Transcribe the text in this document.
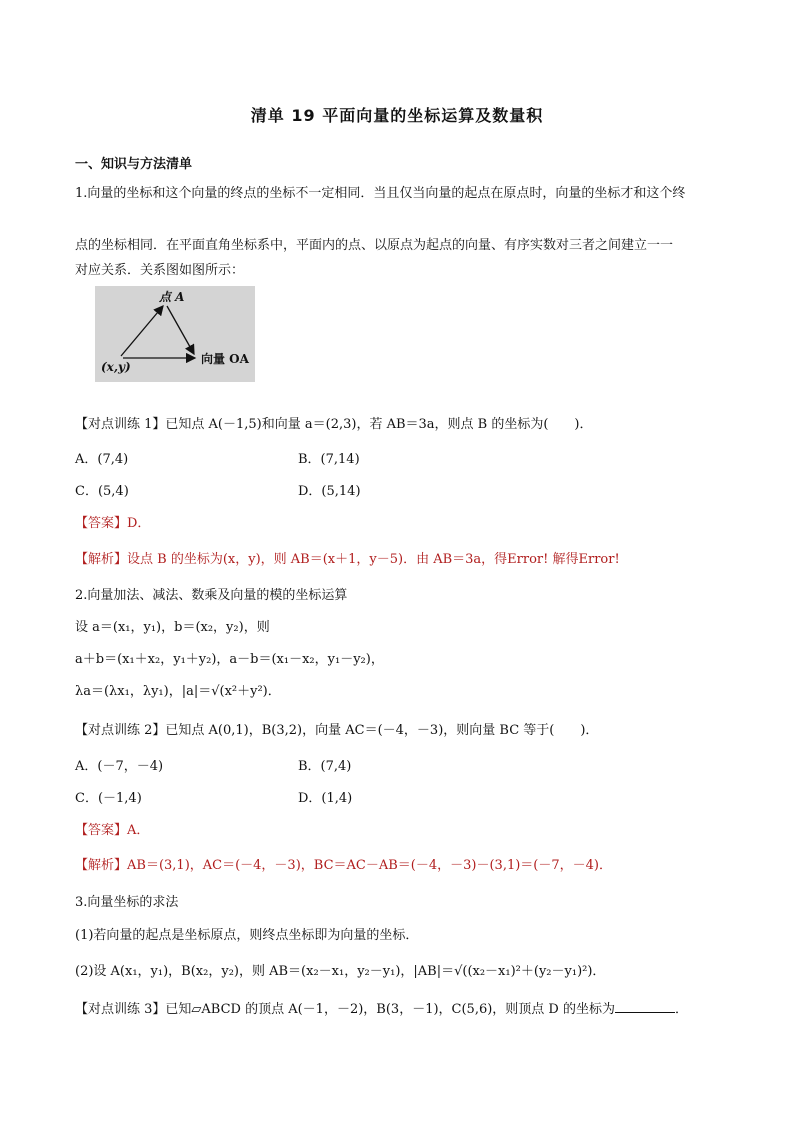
清单 19 平面向量的坐标运算及数量积
一、知识与方法清单
1.向量的坐标和这个向量的终点的坐标不一定相同．当且仅当向量的起点在原点时，向量的坐标才和这个终
点的坐标相同．在平面直角坐标系中，平面内的点、以原点为起点的向量、有序实数对三者之间建立一一
对应关系．关系图如图所示：
点 A
(x,y)
向量 OA
【对点训练 1】已知点 A(－1,5)和向量 a＝(2,3)，若 AB＝3a，则点 B 的坐标为(　　)．
A．(7,4)	B．(7,14)
C．(5,4)	D．(5,14)
【答案】D．
【解析】设点 B 的坐标为(x，y)，则 AB＝(x＋1，y－5)．由 AB＝3a，得Error! 解得Error!
2.向量加法、减法、数乘及向量的模的坐标运算
设 a＝(x₁，y₁)，b＝(x₂，y₂)，则
a＋b＝(x₁＋x₂，y₁＋y₂)，a－b＝(x₁－x₂，y₁－y₂)，
λa＝(λx₁，λy₁)，|a|＝√(x²＋y²)．
【对点训练 2】已知点 A(0,1)，B(3,2)，向量 AC＝(－4，－3)，则向量 BC 等于(　　)．
A．(－7，－4)	B．(7,4)
C．(－1,4)	D．(1,4)
【答案】A．
【解析】AB＝(3,1)，AC＝(－4，－3)，BC＝AC－AB＝(－4，－3)－(3,1)＝(－7，－4)．
3.向量坐标的求法
(1)若向量的起点是坐标原点，则终点坐标即为向量的坐标．
(2)设 A(x₁，y₁)，B(x₂，y₂)，则 AB＝(x₂－x₁，y₂－y₁)，|AB|＝√((x₂－x₁)²＋(y₂－y₁)²)．
【对点训练 3】已知▱ABCD 的顶点 A(－1，－2)，B(3，－1)，C(5,6)，则顶点 D 的坐标为	．
